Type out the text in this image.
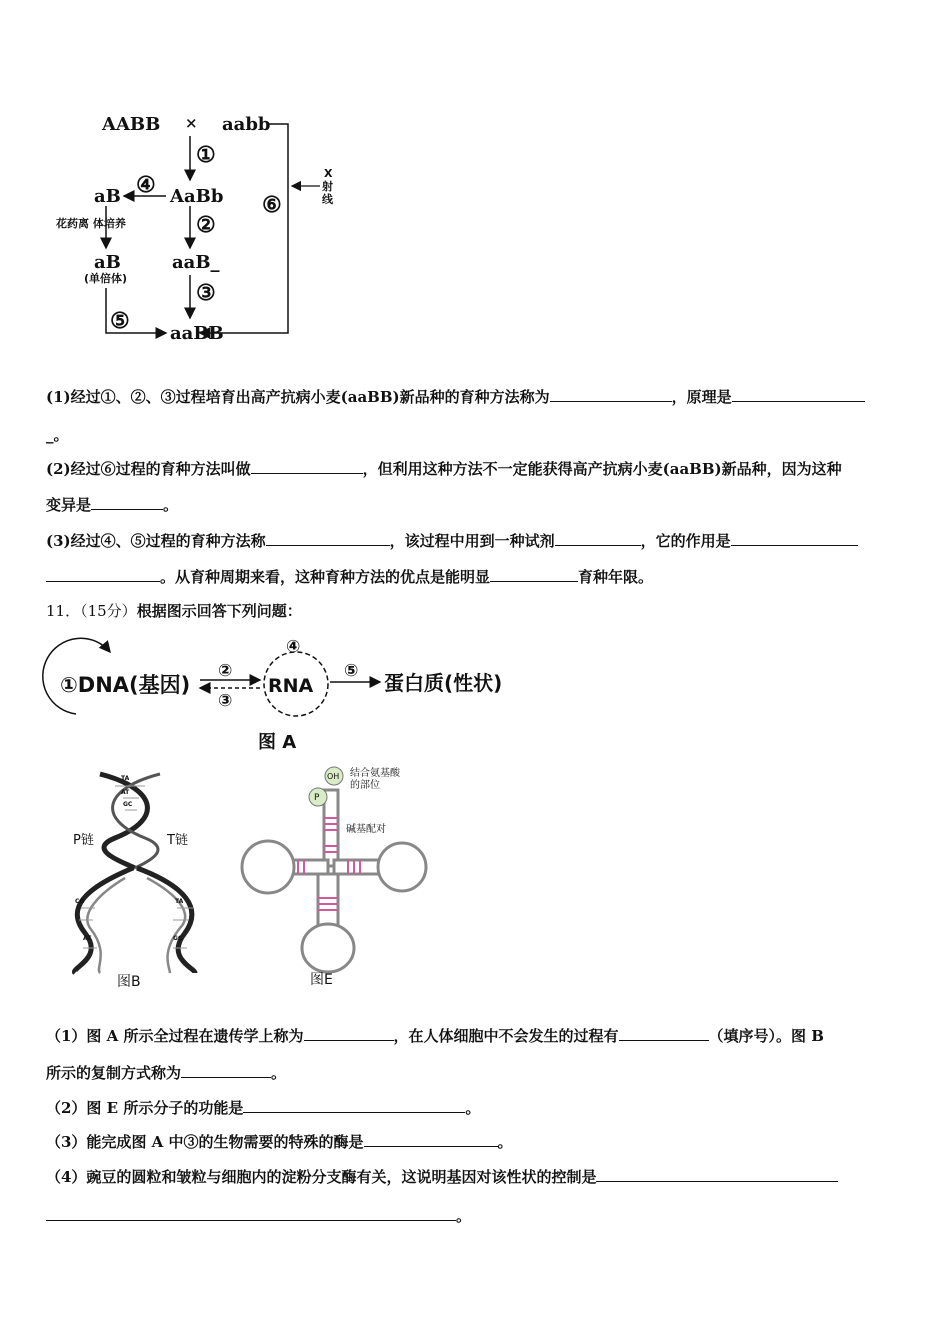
AABB × aabb
X
射
线
⑥
①
AaBb
④
aB
花药离 体培养
aB
(单倍体)
②
aaB_
③
⑤ aaBB
(1)经过①、②、③过程培育出高产抗病小麦(aaBB)新品种的育种方法称为	，原理是
_。
(2)经过⑥过程的育种方法叫做	，但利用这种方法不一定能获得高产抗病小麦(aaBB)新品种，因为这种
变异是	。
(3)经过④、⑤过程的育种方法称	，该过程中用到一种试剂	，它的作用是
。从育种周期来看，这种育种方法的优点是能明显	育种年限。
11．（15分）根据图示回答下列问题：
①DNA(基因)
②
③
④
RNA
⑤ 蛋白质(性状)
图 A
TA
AT
GC
CG
AT
TA
GC
P链	T链
图B
OH
P
结合氨基酸
的部位
碱基配对
图E
（1）图 A 所示全过程在遗传学上称为	，在人体细胞中不会发生的过程有	（填序号）。图 B
所示的复制方式称为	。
（2）图 E 所示分子的功能是	。
（3）能完成图 A 中③的生物需要的特殊的酶是	。
（4）豌豆的圆粒和皱粒与细胞内的淀粉分支酶有关，这说明基因对该性状的控制是
。
